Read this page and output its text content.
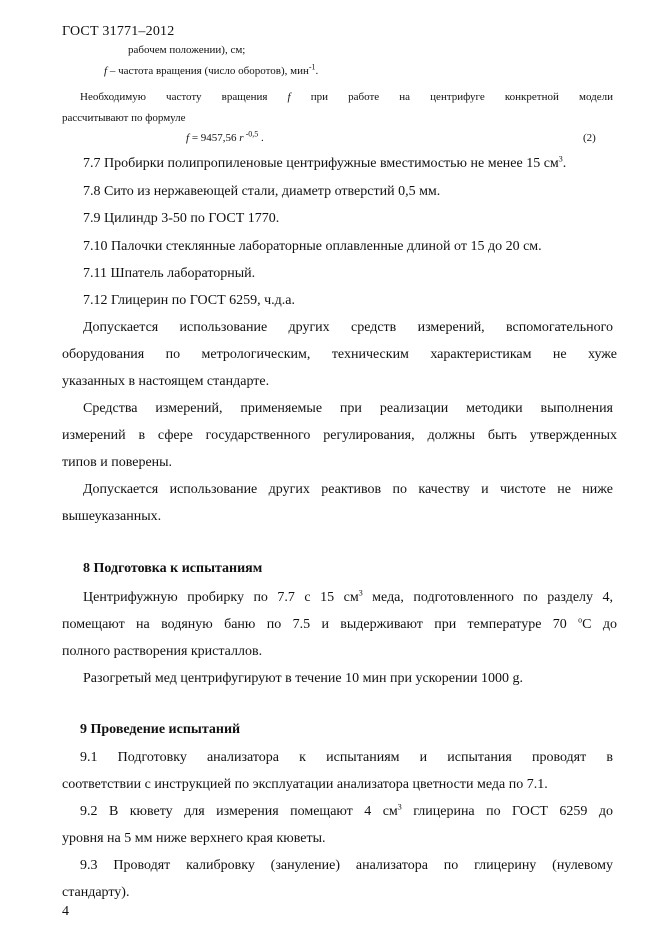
ГОСТ 31771–2012
рабочем положении), см;
f – частота вращения (число оборотов), мин$^{-1}$.
Необходимую частоту вращения f при работе на центрифуге конкретной модели
рассчитывают по формуле
f = 9457,56 r $^{-0,5}$ .	(2)
7.7 Пробирки полипропиленовые центрифужные вместимостью не менее 15 $см^3$.
7.8 Сито из нержавеющей стали, диаметр отверстий 0,5 мм.
7.9 Цилиндр 3-50 по ГОСТ 1770.
7.10 Палочки стеклянные лабораторные оплавленные длиной от 15 до 20 см.
7.11 Шпатель лабораторный.
7.12 Глицерин по ГОСТ 6259, ч.д.а.
Допускается использование других средств измерений, вспомогательного
оборудования по метрологическим, техническим характеристикам не хуже
указанных в настоящем стандарте.
Средства измерений, применяемые при реализации методики выполнения
измерений в сфере государственного регулирования, должны быть утвержденных
типов и поверены.
Допускается использование других реактивов по качеству и чистоте не ниже
вышеуказанных.
8 Подготовка к испытаниям
Центрифужную пробирку по 7.7 с 15 $см^3$ меда, подготовленного по разделу 4,
помещают на водяную баню по 7.5 и выдерживают при температуре 70 $^o$С до
полного растворения кристаллов.
Разогретый мед центрифугируют в течение 10 мин при ускорении 1000 g.
9 Проведение испытаний
9.1 Подготовку анализатора к испытаниям и испытания проводят в
соответствии с инструкцией по эксплуатации анализатора цветности меда по 7.1.
9.2 В кювету для измерения помещают 4 $см^3$ глицерина по ГОСТ 6259 до
уровня на 5 мм ниже верхнего края кюветы.
9.3 Проводят калибровку (зануление) анализатора по глицерину (нулевому
стандарту).
4
